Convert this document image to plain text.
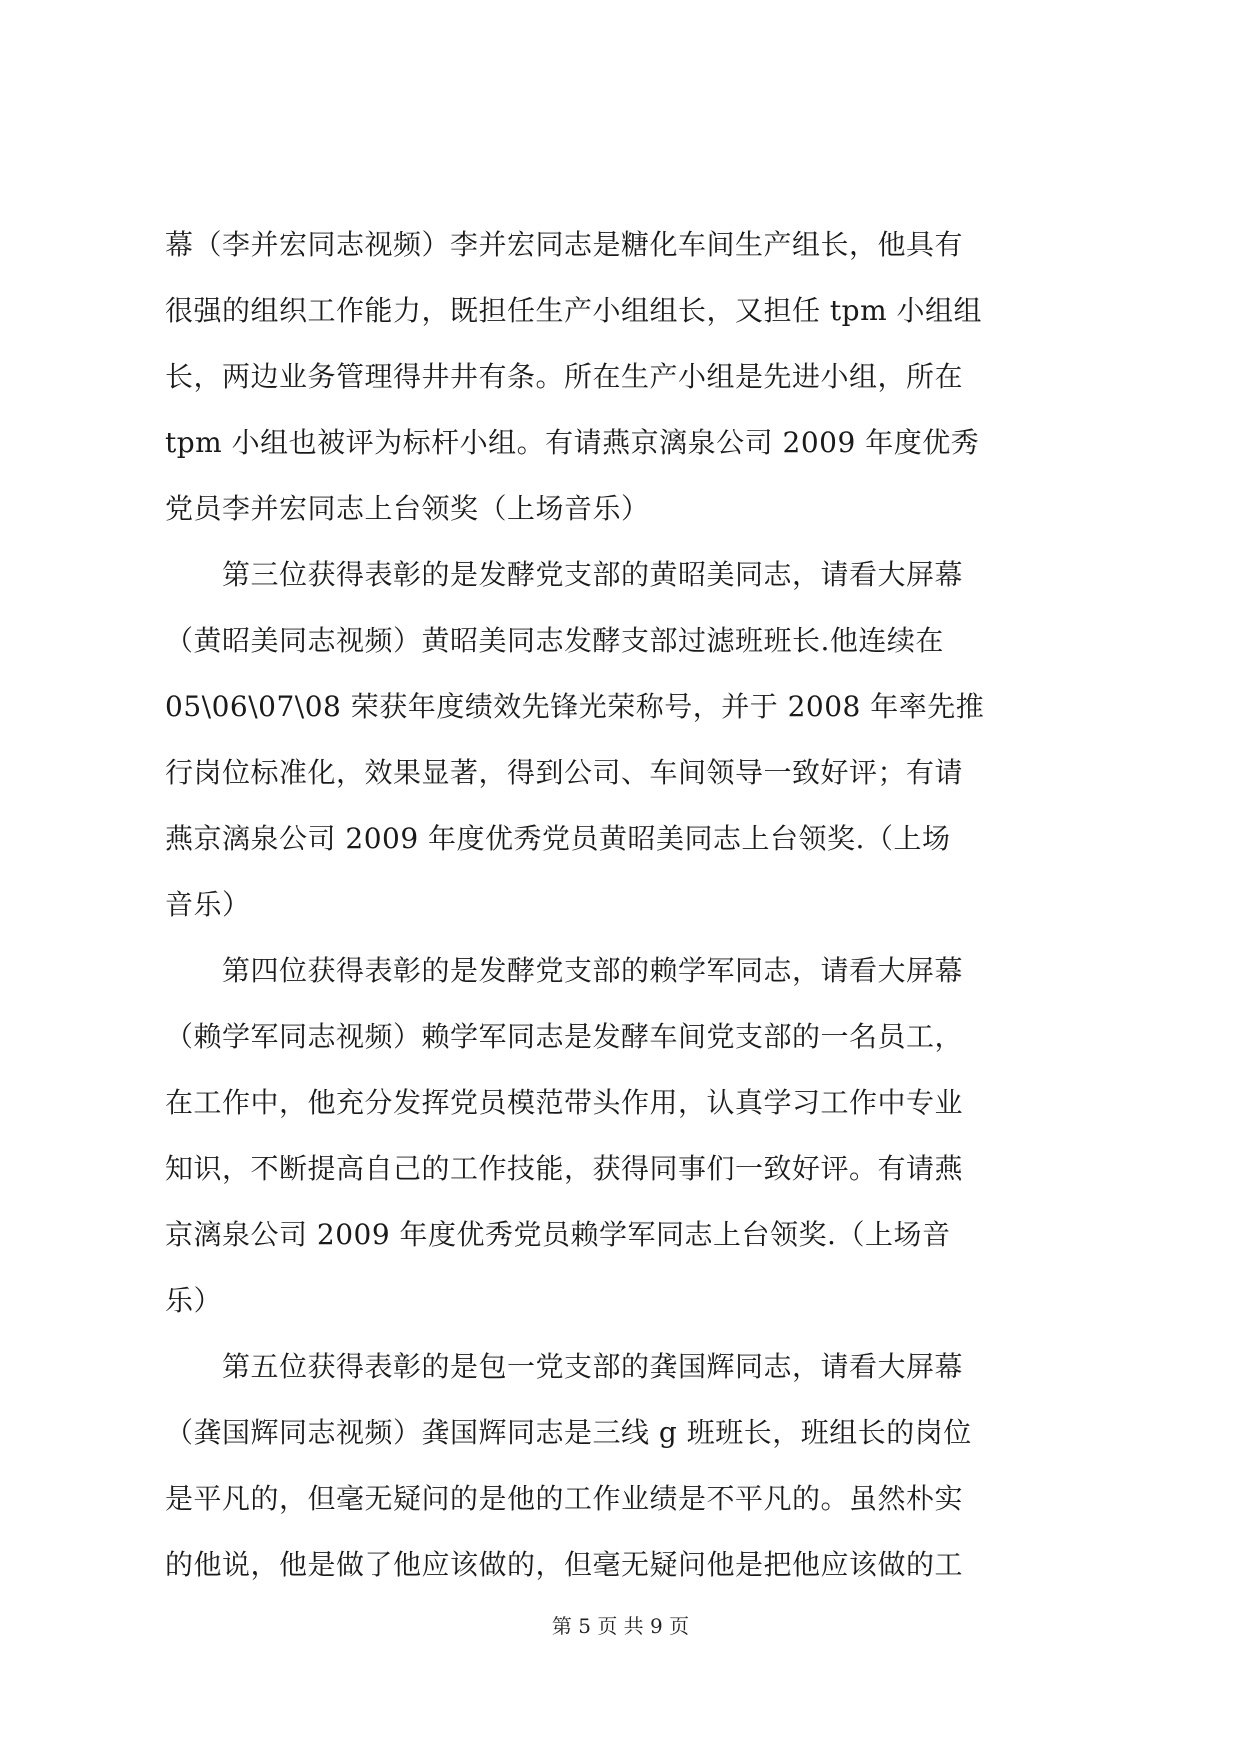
幕（李并宏同志视频）李并宏同志是糖化车间生产组长，他具有
很强的组织工作能力，既担任生产小组组长，又担任 tpm 小组组
长，两边业务管理得井井有条。所在生产小组是先进小组，所在
tpm 小组也被评为标杆小组。有请燕京漓泉公司 2009 年度优秀
党员李并宏同志上台领奖（上场音乐）
　　第三位获得表彰的是发酵党支部的黄昭美同志，请看大屏幕
（黄昭美同志视频）黄昭美同志发酵支部过滤班班长.他连续在
05\06\07\08 荣获年度绩效先锋光荣称号，并于 2008 年率先推
行岗位标准化，效果显著，得到公司、车间领导一致好评；有请
燕京漓泉公司 2009 年度优秀党员黄昭美同志上台领奖.（上场
音乐）
　　第四位获得表彰的是发酵党支部的赖学军同志，请看大屏幕
（赖学军同志视频）赖学军同志是发酵车间党支部的一名员工，
在工作中，他充分发挥党员模范带头作用，认真学习工作中专业
知识，不断提高自己的工作技能，获得同事们一致好评。有请燕
京漓泉公司 2009 年度优秀党员赖学军同志上台领奖.（上场音
乐）
　　第五位获得表彰的是包一党支部的龚国辉同志，请看大屏幕
（龚国辉同志视频）龚国辉同志是三线 g 班班长，班组长的岗位
是平凡的，但毫无疑问的是他的工作业绩是不平凡的。虽然朴实
的他说，他是做了他应该做的，但毫无疑问他是把他应该做的工
第 5 页 共 9 页
